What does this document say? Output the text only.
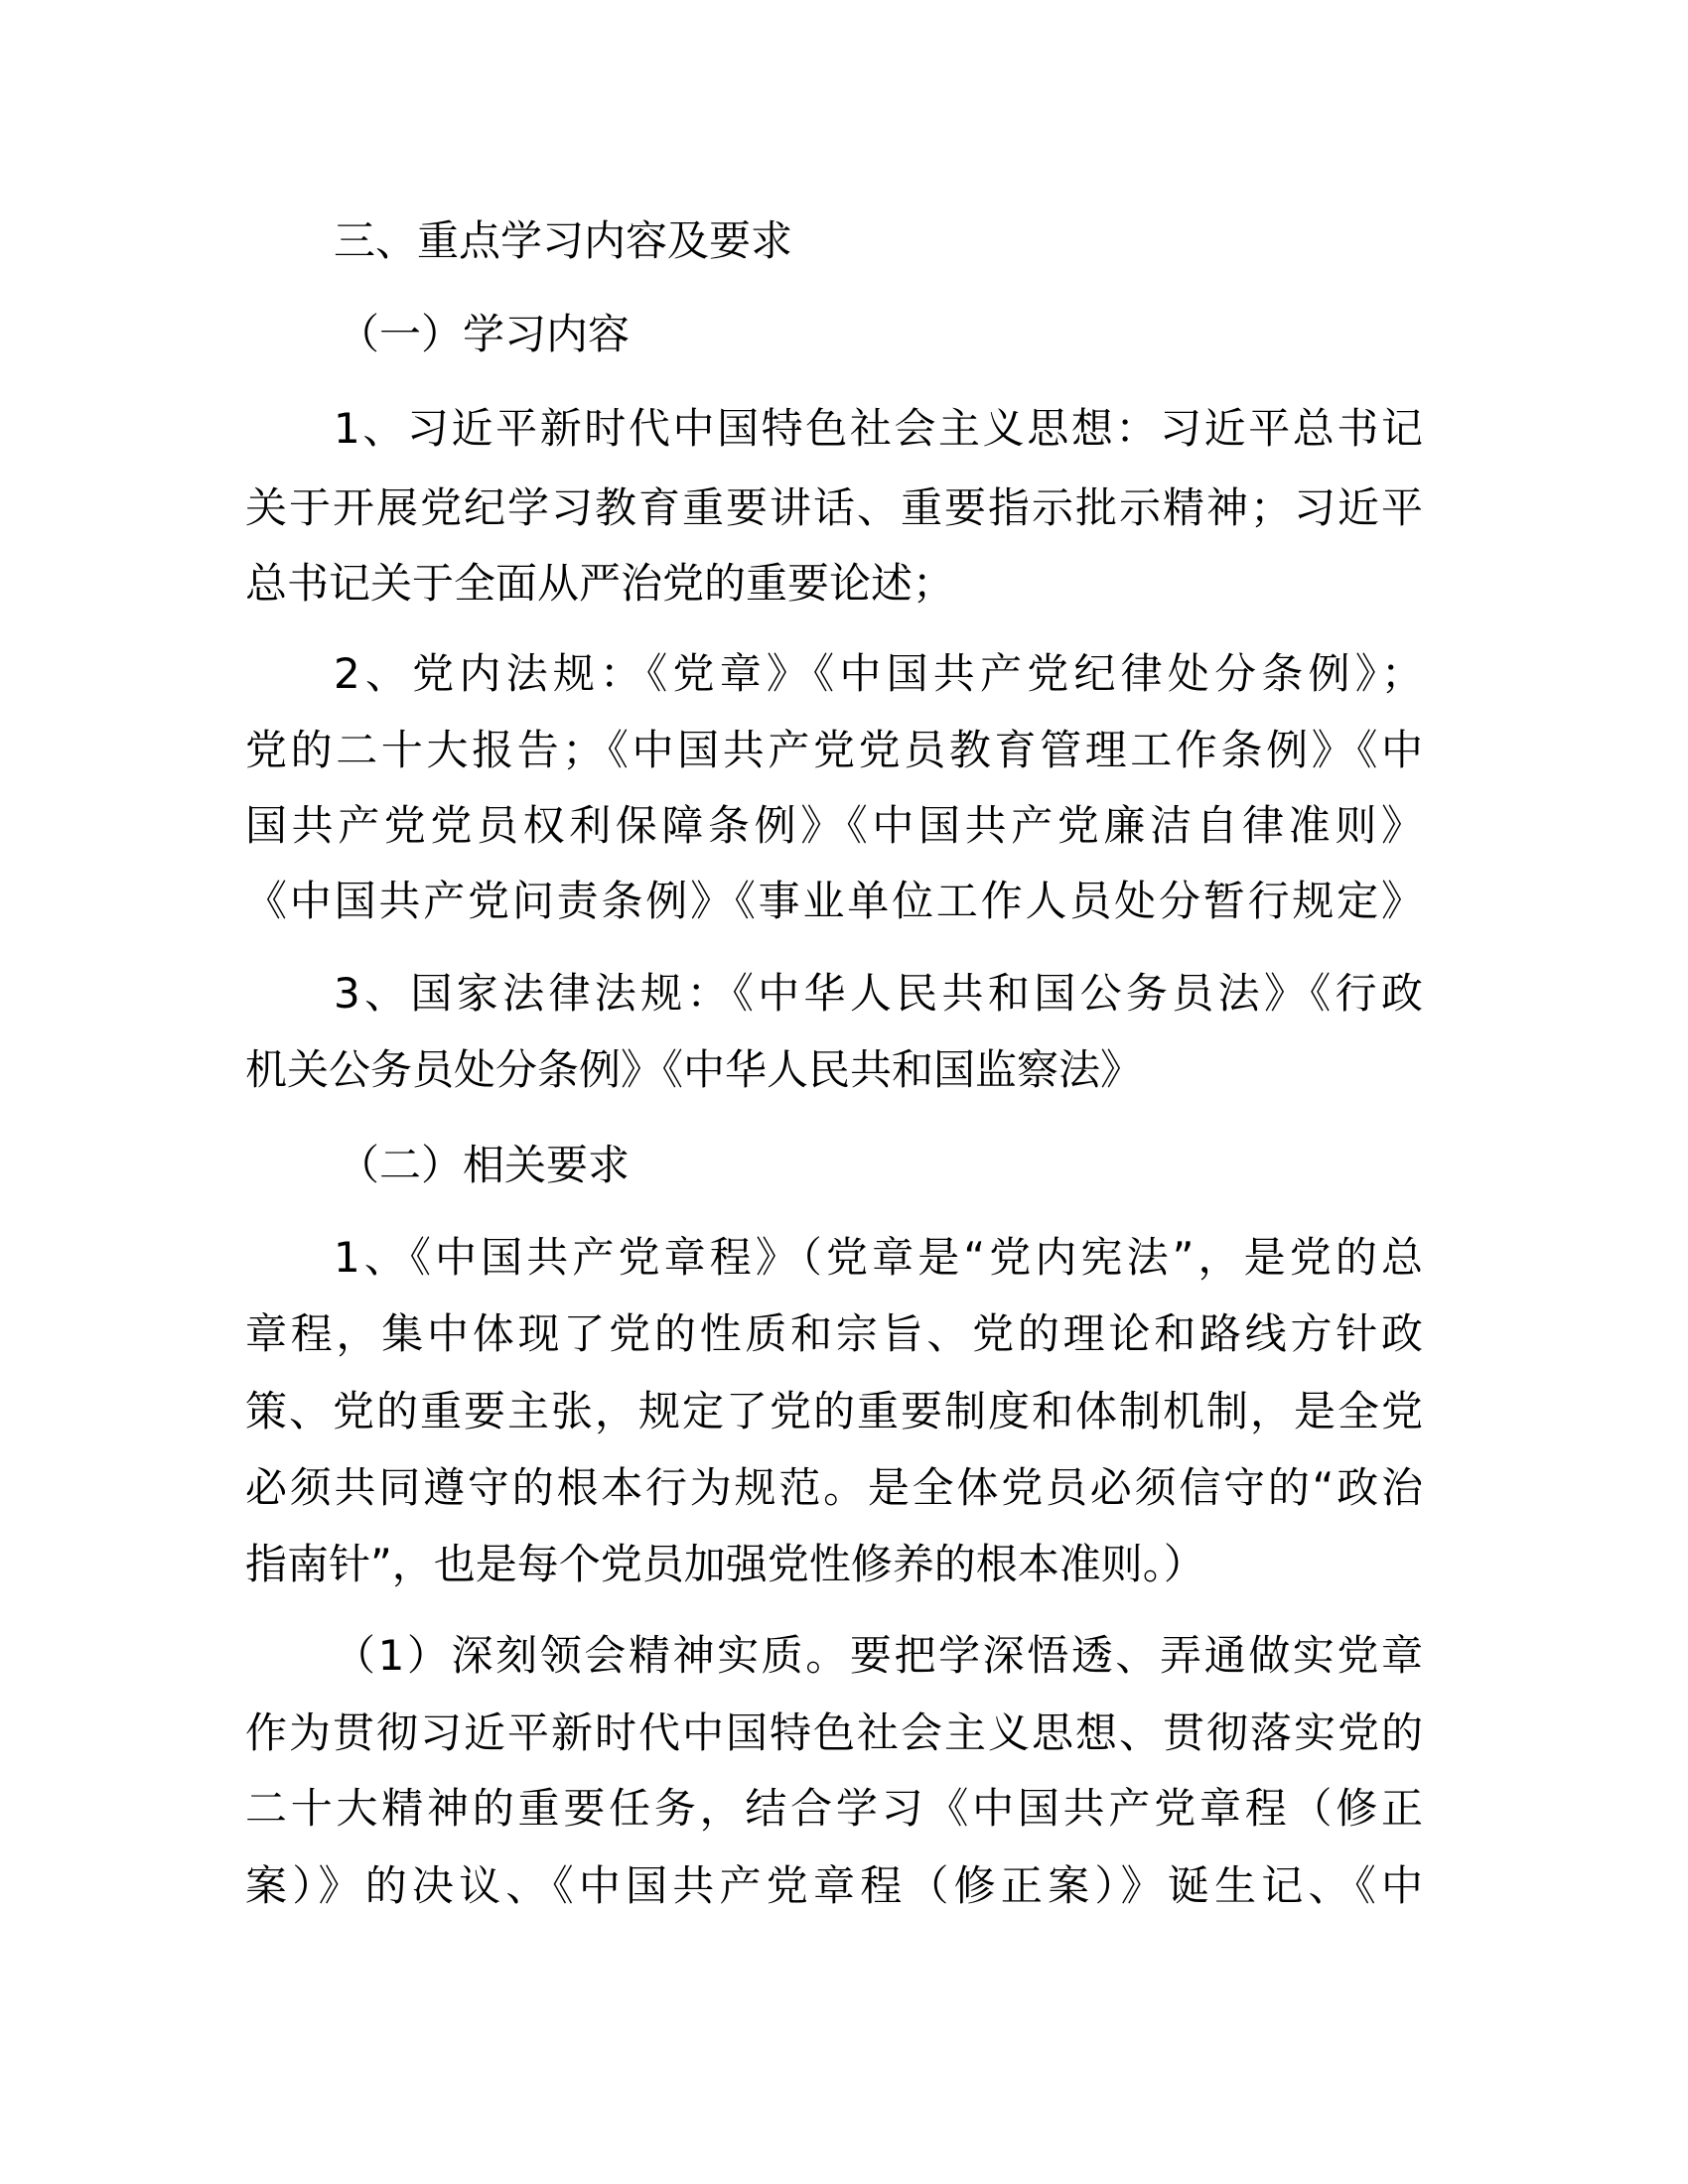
三、重点学习内容及要求
（一）学习内容
1、习近平新时代中国特色社会主义思想：习近平总书记
关于开展党纪学习教育重要讲话、重要指示批示精神；习近平
总书记关于全面从严治党的重要论述；
2、党内法规：《党章》《中国共产党纪律处分条例》；
党的二十大报告；《中国共产党党员教育管理工作条例》《中
国共产党党员权利保障条例》《中国共产党廉洁自律准则》
《中国共产党问责条例》《事业单位工作人员处分暂行规定》
3、国家法律法规：《中华人民共和国公务员法》《行政
机关公务员处分条例》《中华人民共和国监察法》
（二）相关要求
1、《中国共产党章程》（党章是“党内宪法”，是党的总
章程，集中体现了党的性质和宗旨、党的理论和路线方针政
策、党的重要主张，规定了党的重要制度和体制机制，是全党
必须共同遵守的根本行为规范。是全体党员必须信守的“政治
指南针”，也是每个党员加强党性修养的根本准则。）
（1）深刻领会精神实质。要把学深悟透、弄通做实党章
作为贯彻习近平新时代中国特色社会主义思想、贯彻落实党的
二十大精神的重要任务，结合学习《中国共产党章程（修正
案）》的决议、《中国共产党章程（修正案）》诞生记、《中
